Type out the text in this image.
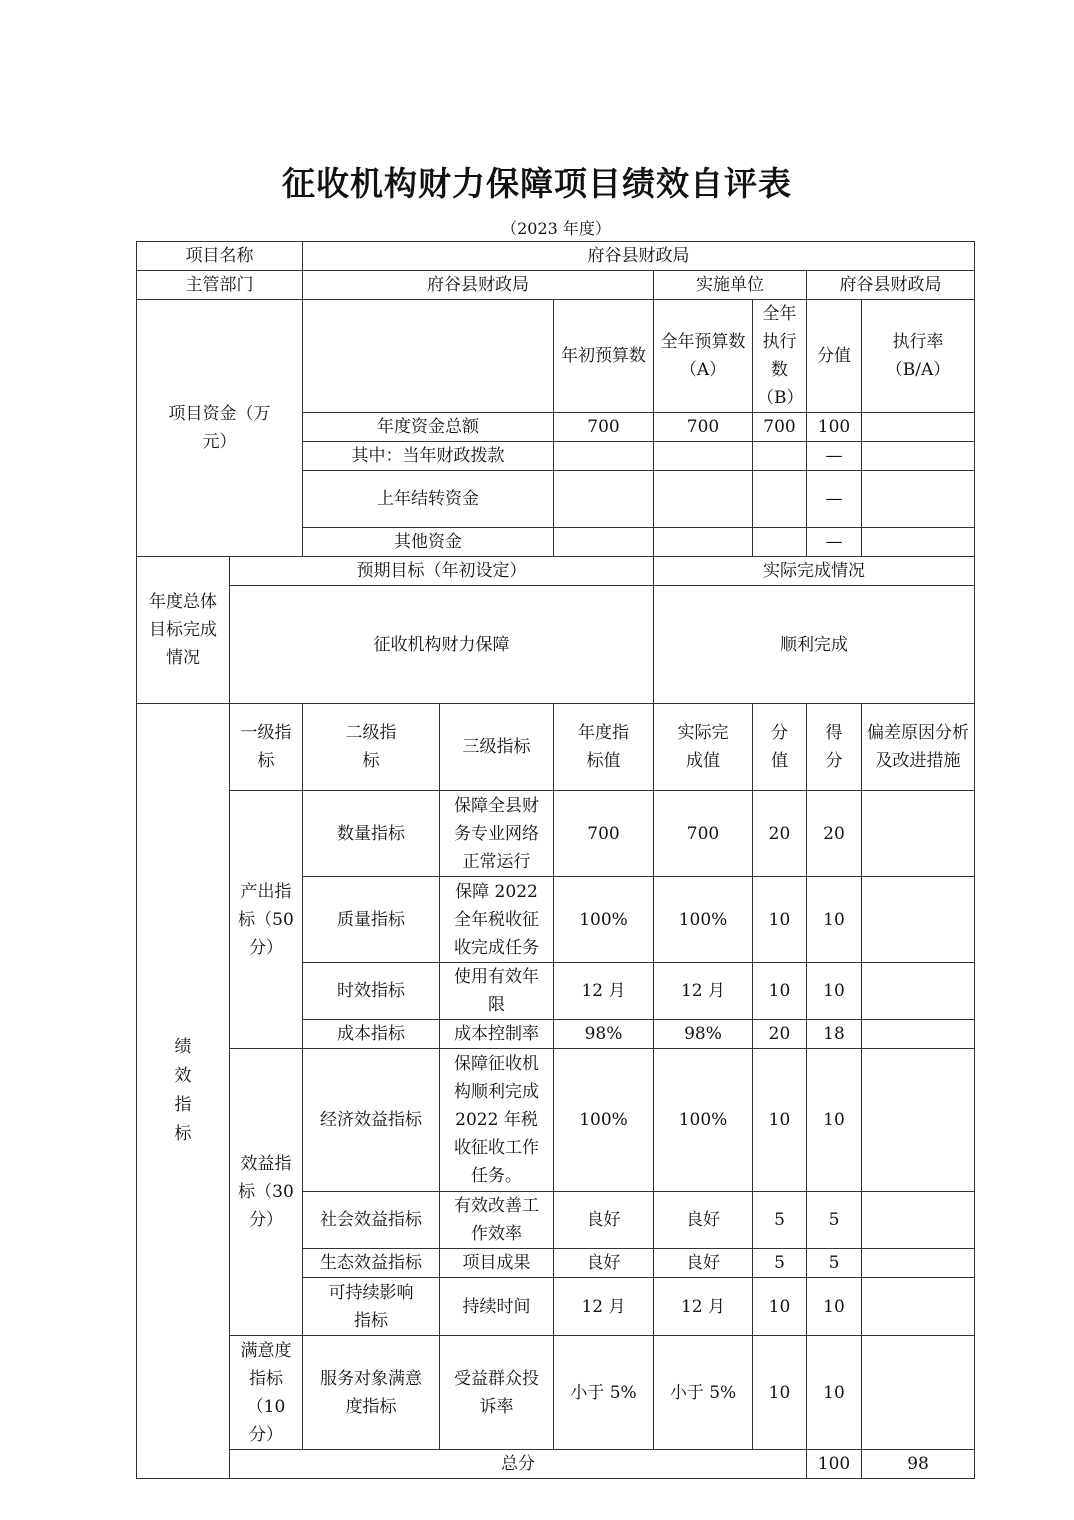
征收机构财力保障项目绩效自评表
（2023 年度）
项目名称		府谷县财政局							
主管部门		府谷县财政局			实施单位		府谷县财政局		
项目资金（万元）				年初预算数	全年预算数（A）	全年执行数（B）	分值	执行率（B/A）	
		年度资金总额		700	700	700	100		
		其中：当年财政拨款					—		
		上年结转资金					—		
		其他资金					—		
年度总体目标完成情况	预期目标（年初设定）				实际完成情况				
	征收机构财力保障				顺利完成				

绩效指标	一级指标	二级指标	三级指标	年度指标值	实际完成值	分值	得分	偏差原因分析及改进措施	
	产出指标（50分）	数量指标	保障全县财务专业网络正常运行	700	700	20	20		
		质量指标	保障 2022 全年税收征收完成任务	100%	100%	10	10		
		时效指标	使用有效年限	12 月	12 月	10	10		
		成本指标	成本控制率	98%	98%	20	18		
	效益指标（30分）	经济效益指标	保障征收机构顺利完成 2022 年税收征收工作任务。	100%	100%	10	10		
		社会效益指标	有效改善工作效率	良好	良好	5	5		
		生态效益指标	项目成果	良好	良好	5	5		
		可持续影响指标	持续时间	12 月	12 月	10	10		
	满意度指标（10分）	服务对象满意度指标	受益群众投诉率	小于 5%	小于 5%	10	10		
	总分						100	98	
